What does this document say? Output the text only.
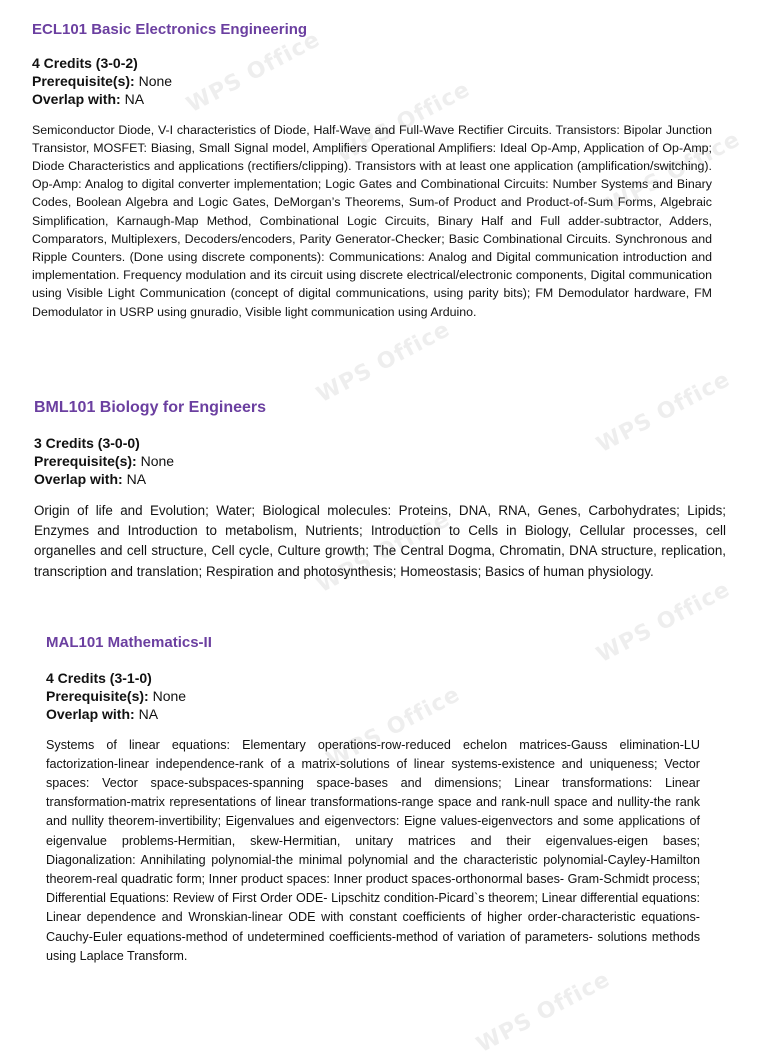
WPS Office
WPS Office
WPS Office
WPS Office
WPS Office
WPS Office
WPS Office
WPS Office
WPS Office
ECL101 Basic Electronics Engineering

4 Credits (3-0-2)

Prerequisite(s): None

Overlap with: NA

Semiconductor Diode, V-I characteristics of Diode, Half-Wave and Full-Wave Rectifier Circuits. Transistors: Bipolar Junction Transistor, MOSFET: Biasing, Small Signal model, Amplifiers Operational Amplifiers: Ideal Op-Amp, Application of Op-Amp; Diode Characteristics and applications (rectifiers/clipping). Transistors with at least one application (amplification/switching). Op-Amp: Analog to digital converter implementation; Logic Gates and Combinational Circuits: Number Systems and Binary Codes, Boolean Algebra and Logic Gates, DeMorgan’s Theorems, Sum-of Product and Product-of-Sum Forms, Algebraic Simplification, Karnaugh-Map Method, Combinational Logic Circuits, Binary Half and Full adder-subtractor, Adders, Comparators, Multiplexers, Decoders/encoders, Parity Generator-Checker; Basic Combinational Circuits. Synchronous and Ripple Counters. (Done using discrete components): Communications: Analog and Digital communication introduction and implementation. Frequency modulation and its circuit using discrete electrical/electronic components, Digital communication using Visible Light Communication (concept of digital communications, using parity bits); FM Demodulator hardware, FM Demodulator in USRP using gnuradio, Visible light communication using Arduino.

BML101 Biology for Engineers

3 Credits (3-0-0)

Prerequisite(s): None

Overlap with: NA

Origin of life and Evolution; Water; Biological molecules: Proteins, DNA, RNA, Genes, Carbohydrates; Lipids; Enzymes and Introduction to metabolism, Nutrients; Introduction to Cells in Biology, Cellular processes, cell organelles and cell structure, Cell cycle, Culture growth; The Central Dogma, Chromatin, DNA structure, replication, transcription and translation; Respiration and photosynthesis; Homeostasis; Basics of human physiology.

MAL101 Mathematics-II

4 Credits (3-1-0)

Prerequisite(s): None

Overlap with: NA

Systems of linear equations: Elementary operations-row-reduced echelon matrices-Gauss elimination-LU factorization-linear independence-rank of a matrix-solutions of linear systems-existence and uniqueness; Vector spaces: Vector space-subspaces-spanning space-bases and dimensions; Linear transformations: Linear transformation-matrix representations of linear transformations-range space and rank-null space and nullity-the rank and nullity theorem-invertibility; Eigenvalues and eigenvectors: Eigne values-eigenvectors and some applications of eigenvalue problems-Hermitian, skew-Hermitian, unitary matrices and their eigenvalues-eigen bases; Diagonalization: Annihilating polynomial-the minimal polynomial and the characteristic polynomial-Cayley-Hamilton theorem-real quadratic form; Inner product spaces: Inner product spaces-orthonormal bases- Gram-Schmidt process; Differential Equations: Review of First Order ODE- Lipschitz condition-Picard`s theorem; Linear differential equations: Linear dependence and Wronskian-linear ODE with constant coefficients of higher order-characteristic equations- Cauchy-Euler equations-method of undetermined coefficients-method of variation of parameters- solutions methods using Laplace Transform.
